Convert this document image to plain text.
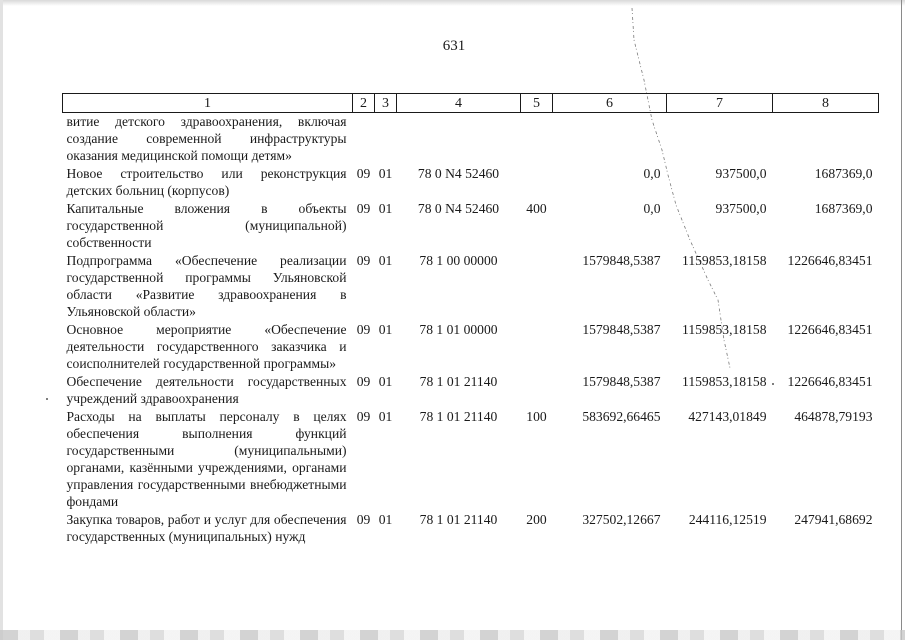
631
1	2	3	4	5	6	7	8
витие детского здравоохранения, включая создание современной инфраструктуры оказания медицинской помощи детям»							
Новое строительство или реконструкция детских больниц (корпусов)	09	01	78 0 N4 52460		0,0	937500,0	1687369,0
Капитальные вложения в объекты государственной (муниципальной) собственности	09	01	78 0 N4 52460	400	0,0	937500,0	1687369,0
Подпрограмма «Обеспечение реализации государственной программы Ульяновской области «Развитие здравоохранения в Ульяновской области»	09	01	78 1 00 00000		1579848,5387	1159853,18158	1226646,83451
Основное мероприятие «Обеспечение деятельности государственного заказчика и соисполнителей государственной программы»	09	01	78 1 01 00000		1579848,5387	1159853,18158	1226646,83451
Обеспечение деятельности государственных учреждений здравоохранения	09	01	78 1 01 21140		1579848,5387	1159853,18158	1226646,83451
Расходы на выплаты персоналу в целях обеспечения выполнения функций государственными (муниципальными) органами, казёнными учреждениями, органами управления государственными внебюджетными фондами	09	01	78 1 01 21140	100	583692,66465	427143,01849	464878,79193
Закупка товаров, работ и услуг для обеспечения государственных (муниципальных) нужд	09	01	78 1 01 21140	200	327502,12667	244116,12519	247941,68692
